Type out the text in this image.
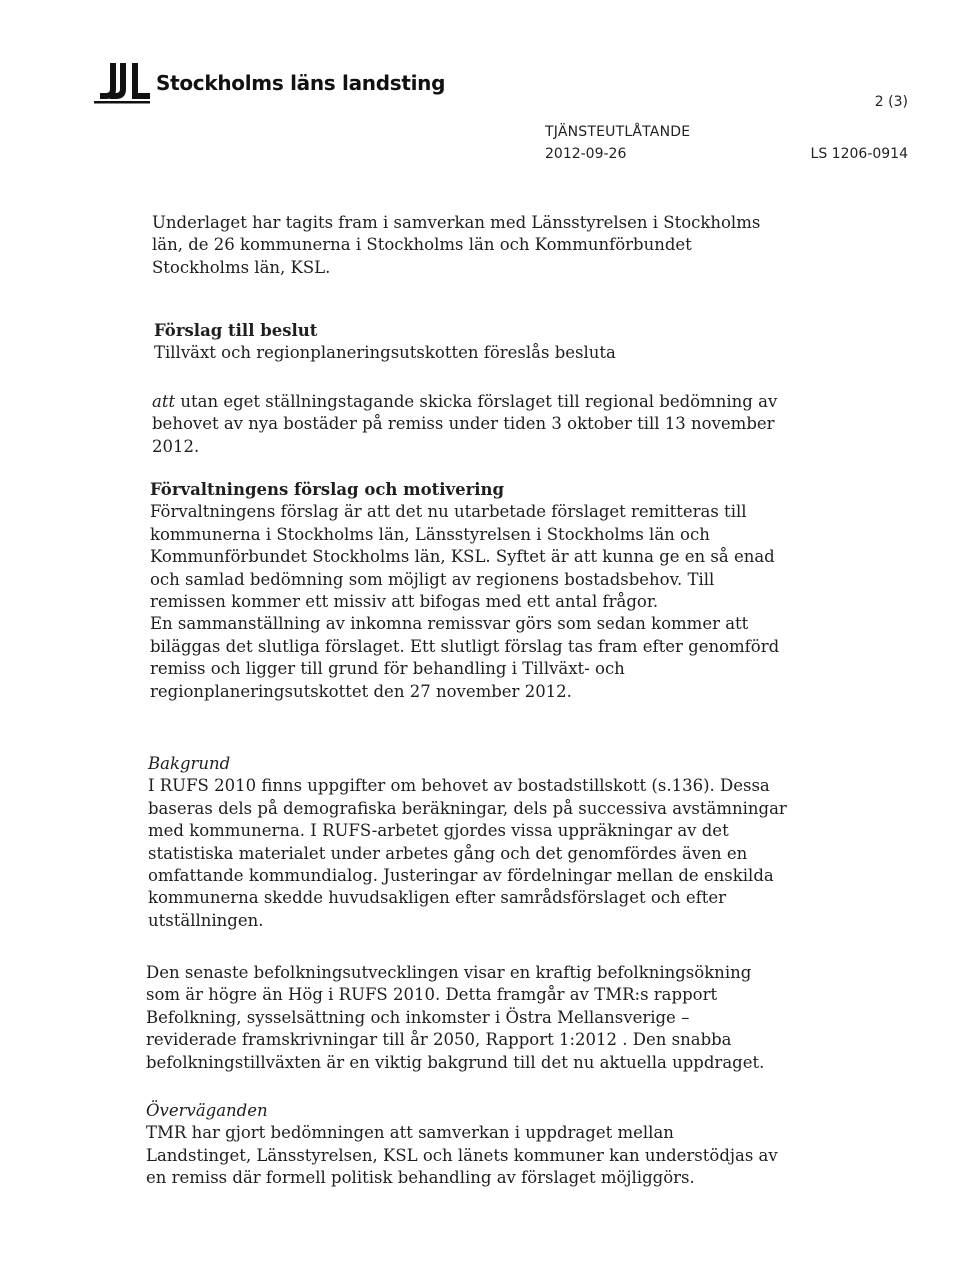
Stockholms läns landsting
2 (3)
TJÄNSTEUTLÅTANDE
2012-09-26	LS 1206-0914

Underlaget har tagits fram i samverkan med Länsstyrelsen i Stockholms

län, de 26 kommunerna i Stockholms län och Kommunförbundet

Stockholms län, KSL.

Förslag till beslut

Tillväxt och regionplaneringsutskotten föreslås besluta

att utan eget ställningstagande skicka förslaget till regional bedömning av

behovet av nya bostäder på remiss under tiden 3 oktober till 13 november

2012.

Förvaltningens förslag och motivering

Förvaltningens förslag är att det nu utarbetade förslaget remitteras till

kommunerna i Stockholms län, Länsstyrelsen i Stockholms län och

Kommunförbundet Stockholms län, KSL. Syftet är att kunna ge en så enad

och samlad bedömning som möjligt av regionens bostadsbehov. Till

remissen kommer ett missiv att bifogas med ett antal frågor.

En sammanställning av inkomna remissvar görs som sedan kommer att

biläggas det slutliga förslaget. Ett slutligt förslag tas fram efter genomförd

remiss och ligger till grund för behandling i Tillväxt- och

regionplaneringsutskottet den 27 november 2012.

Bakgrund

I RUFS 2010 finns uppgifter om behovet av bostadstillskott (s.136). Dessa

baseras dels på demografiska beräkningar, dels på successiva avstämningar

med kommunerna. I RUFS-arbetet gjordes vissa uppräkningar av det

statistiska materialet under arbetes gång och det genomfördes även en

omfattande kommundialog. Justeringar av fördelningar mellan de enskilda

kommunerna skedde huvudsakligen efter samrådsförslaget och efter

utställningen.

Den senaste befolkningsutvecklingen visar en kraftig befolkningsökning

som är högre än Hög i RUFS 2010. Detta framgår av TMR:s rapport

Befolkning, sysselsättning och inkomster i Östra Mellansverige –

reviderade framskrivningar till år 2050, Rapport 1:2012 . Den snabba

befolkningstillväxten är en viktig bakgrund till det nu aktuella uppdraget.

Överväganden

TMR har gjort bedömningen att samverkan i uppdraget mellan

Landstinget, Länsstyrelsen, KSL och länets kommuner kan understödjas av

en remiss där formell politisk behandling av förslaget möjliggörs.
